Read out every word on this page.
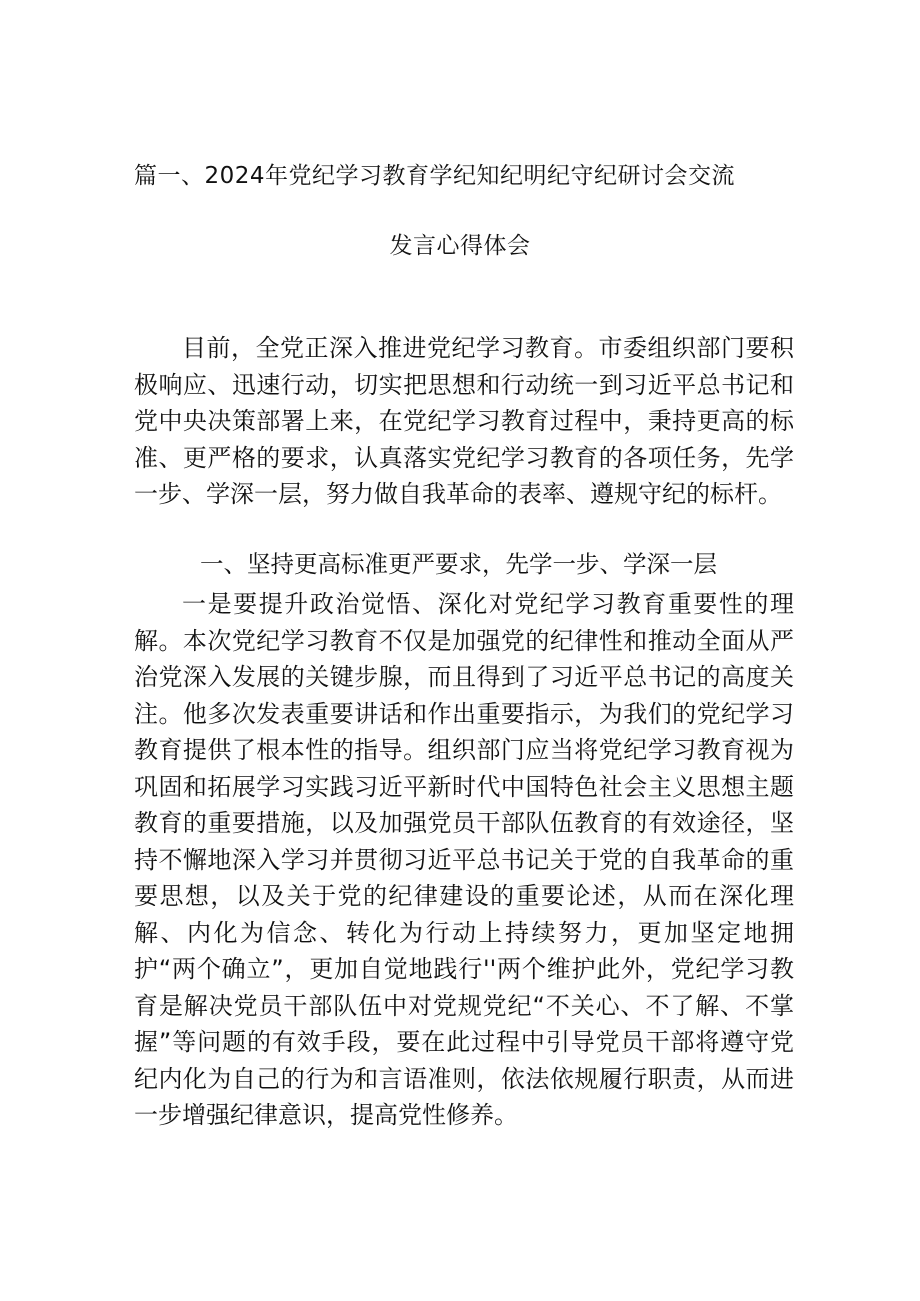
篇一、2024年党纪学习教育学纪知纪明纪守纪研讨会交流
发言心得体会

目前，全党正深入推进党纪学习教育。市委组织部门要积极响应、迅速行动，切实把思想和行动统一到习近平总书记和党中央决策部署上来，在党纪学习教育过程中，秉持更高的标准、更严格的要求，认真落实党纪学习教育的各项任务，先学一步、学深一层，努力做自我革命的表率、遵规守纪的标杆。

一、坚持更高标准更严要求，先学一步、学深一层

一是要提升政治觉悟、深化对党纪学习教育重要性的理解。本次党纪学习教育不仅是加强党的纪律性和推动全面从严治党深入发展的关键步腺，而且得到了习近平总书记的高度关注。他多次发表重要讲话和作出重要指示，为我们的党纪学习教育提供了根本性的指导。组织部门应当将党纪学习教育视为巩固和拓展学习实践习近平新时代中国特色社会主义思想主题教育的重要措施，以及加强党员干部队伍教育的有效途径，坚持不懈地深入学习并贯彻习近平总书记关于党的自我革命的重要思想，以及关于党的纪律建设的重要论述，从而在深化理解、内化为信念、转化为行动上持续努力，更加坚定地拥护“两个确立”，更加自觉地践行''两个维护此外，党纪学习教育是解决党员干部队伍中对党规党纪“不关心、不了解、不掌握”等问题的有效手段，要在此过程中引导党员干部将遵守党纪内化为自己的行为和言语准则，依法依规履行职责，从而进一步增强纪律意识，提高党性修养。
